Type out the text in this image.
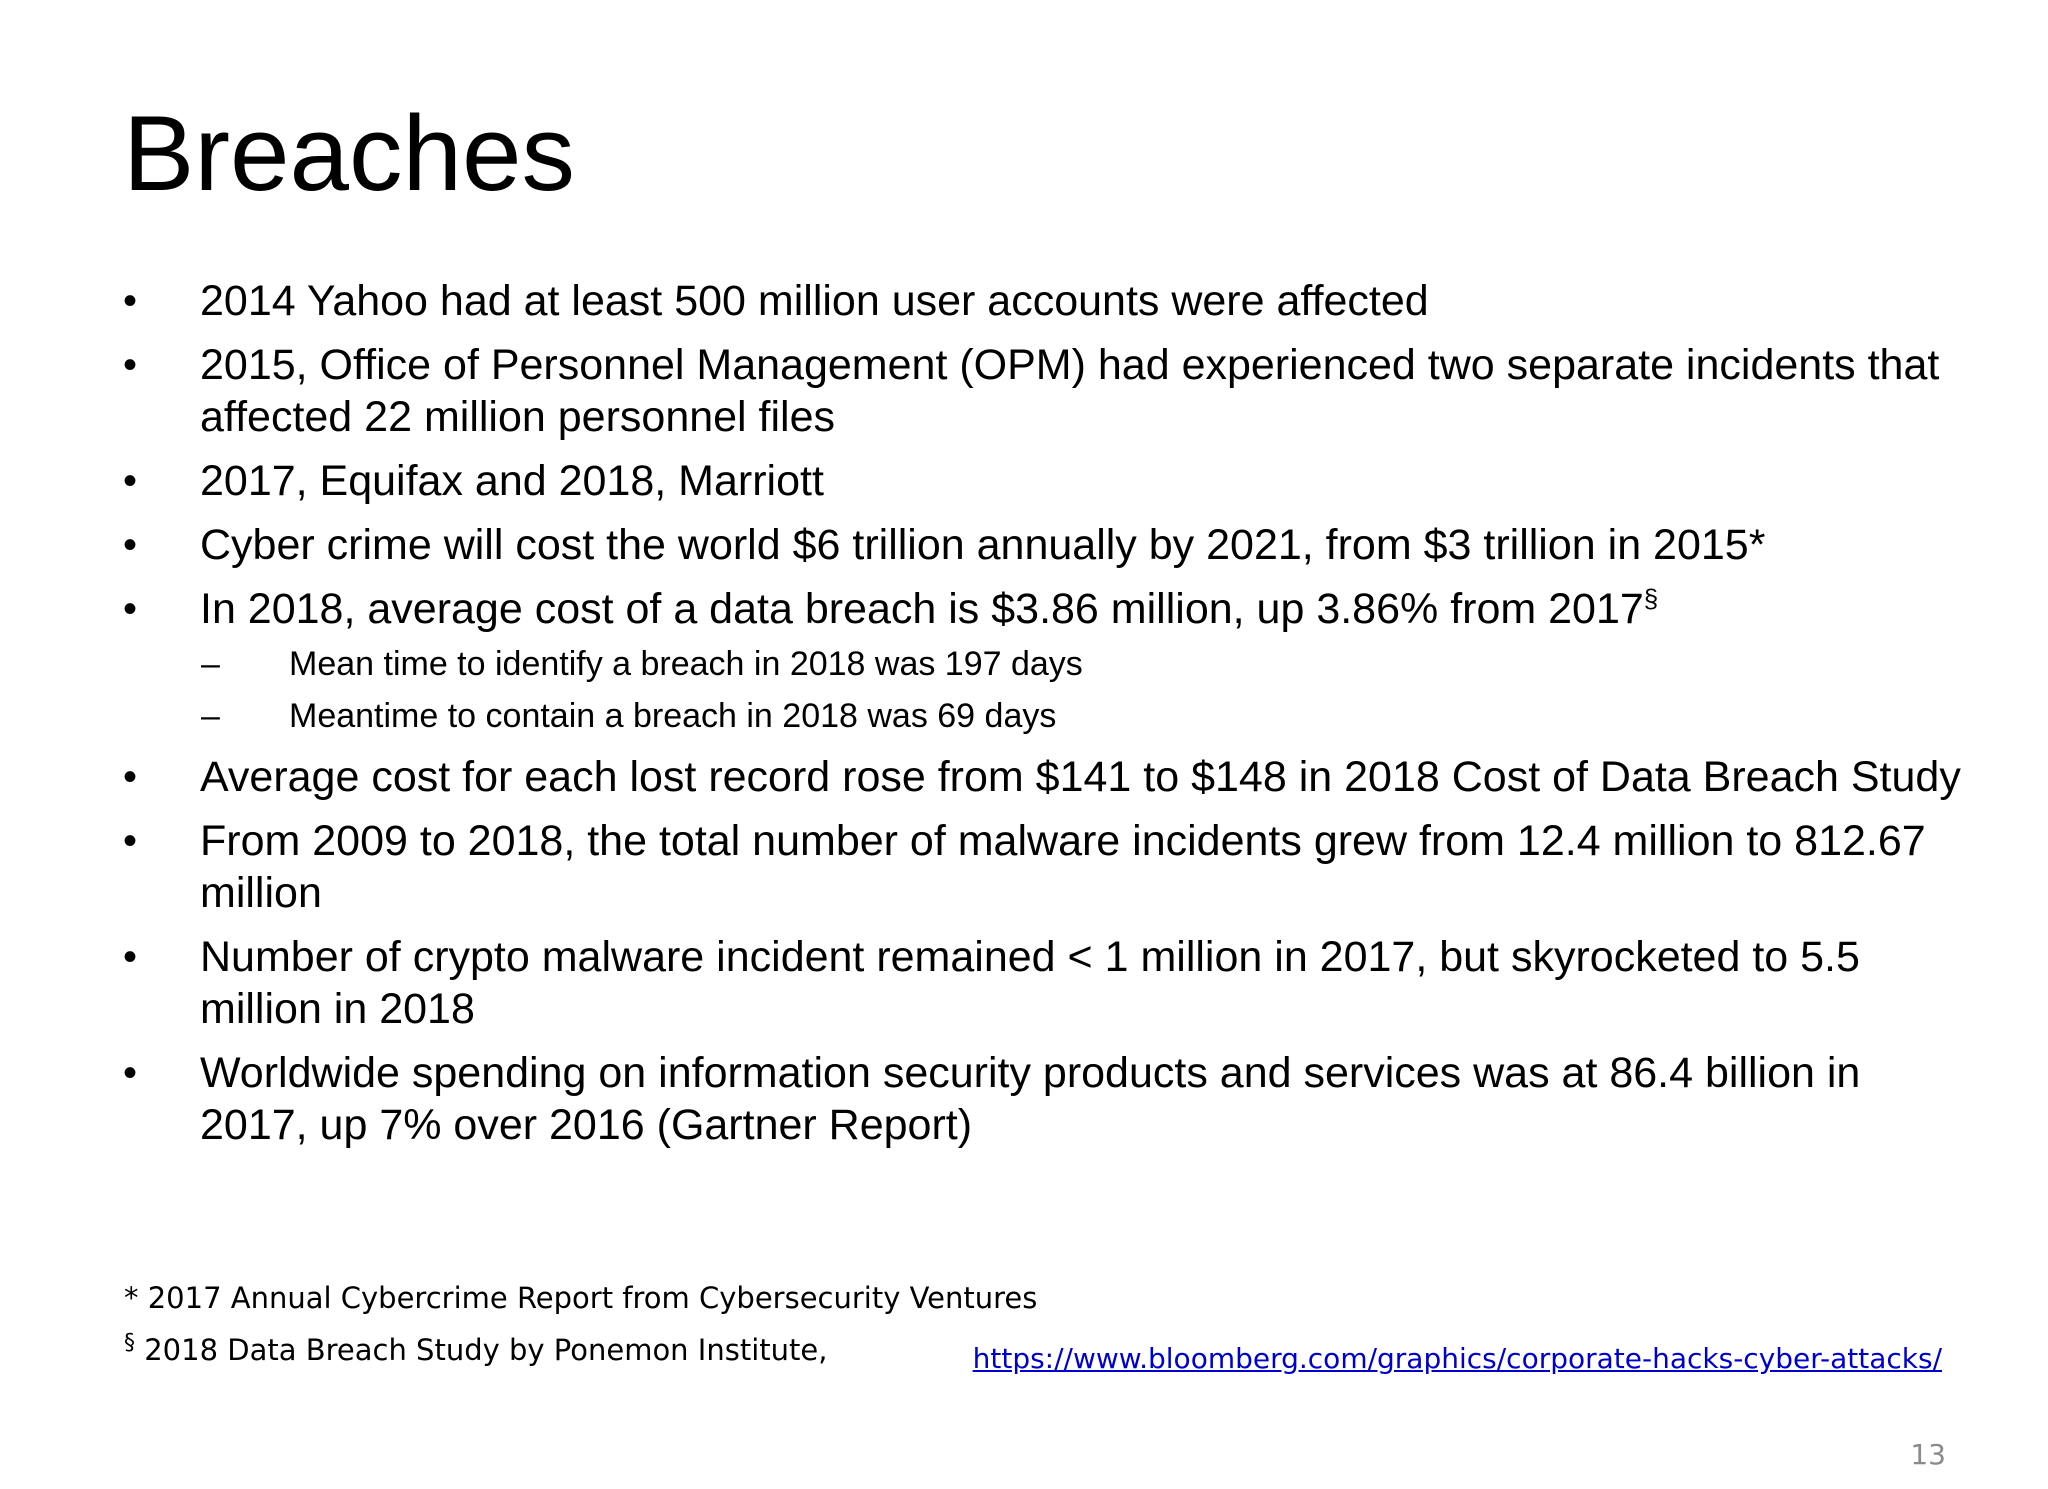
Breaches
•	2014 Yahoo had at least 500 million user accounts were affected
•	2015, Office of Personnel Management (OPM) had experienced two separate incidents that affected 22 million personnel files
•	2017, Equifax and 2018, Marriott
•	Cyber crime will cost the world $6 trillion annually by 2021, from $3 trillion in 2015*
•	In 2018, average cost of a data breach is $3.86 million, up 3.86% from 2017§
– Mean time to identify a breach in 2018 was 197 days
– Meantime to contain a breach in 2018 was 69 days
•	Average cost for each lost record rose from $141 to $148 in 2018 Cost of Data Breach Study
•	From 2009 to 2018, the total number of malware incidents grew from 12.4 million to 812.67 million
•	Number of crypto malware incident remained < 1 million in 2017, but skyrocketed to 5.5 million in 2018
•	Worldwide spending on information security products and services was at 86.4 billion in 2017, up 7% over 2016 (Gartner Report)
* 2017 Annual Cybercrime Report from Cybersecurity Ventures
§ 2018 Data Breach Study by Ponemon Institute,	https://www.bloomberg.com/graphics/corporate-hacks-cyber-attacks/
13
